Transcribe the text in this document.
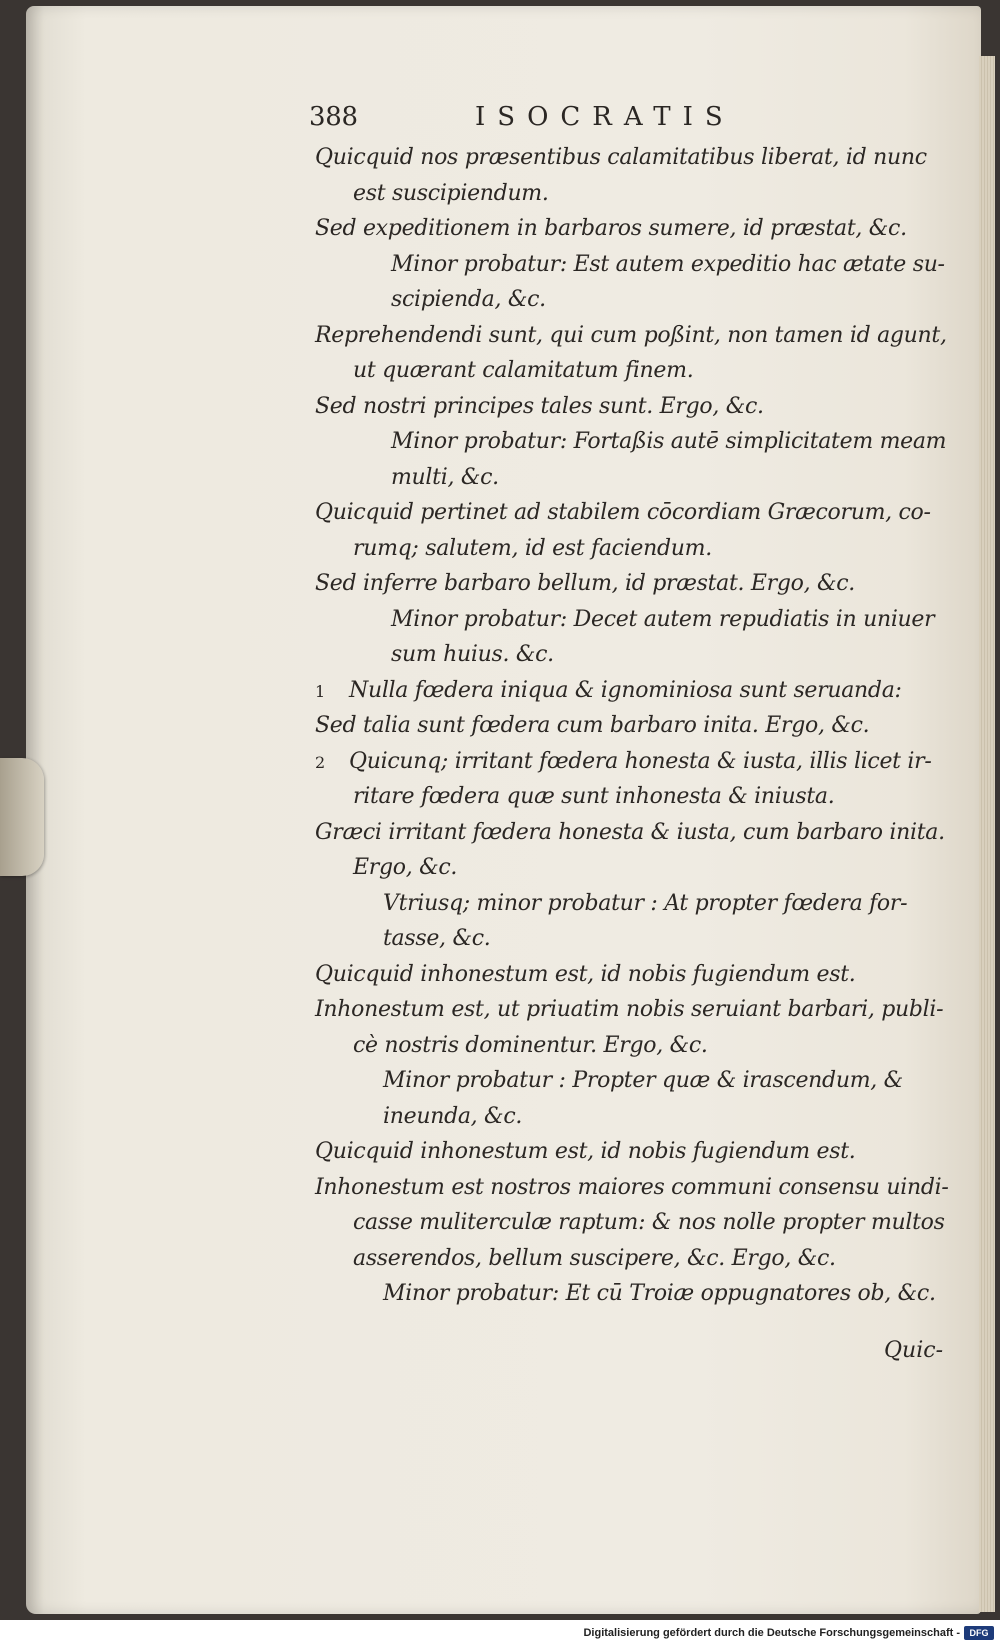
388	ISOCRATIS
Quicquid nos præsentibus calamitatibus liberat, id nunc
est suscipiendum.
Sed expeditionem in barbaros sumere, id præstat, &c.
Minor probatur: Est autem expeditio hac ætate su-
scipienda, &c.
Reprehendendi sunt, qui cum poßint, non tamen id agunt,
ut quærant calamitatum finem.
Sed nostri principes tales sunt. Ergo, &c.
Minor probatur: Fortaßis autē simplicitatem meam
multi, &c.
Quicquid pertinet ad stabilem cōcordiam Græcorum, co-
rumq; salutem, id est faciendum.
Sed inferre barbaro bellum, id præstat. Ergo, &c.
Minor probatur: Decet autem repudiatis in uniuer
sum huius. &c.
1 Nulla fœdera iniqua & ignominiosa sunt seruanda:
Sed talia sunt fœdera cum barbaro inita. Ergo, &c.
2 Quicunq; irritant fœdera honesta & iusta, illis licet ir-
ritare fœdera quæ sunt inhonesta & iniusta.
Græci irritant fœdera honesta & iusta, cum barbaro inita.
Ergo, &c.
Vtriusq; minor probatur : At propter fœdera for-
tasse, &c.
Quicquid inhonestum est, id nobis fugiendum est.
Inhonestum est, ut priuatim nobis seruiant barbari, publi-
cè nostris dominentur. Ergo, &c.
Minor probatur : Propter quæ & irascendum, &
ineunda, &c.
Quicquid inhonestum est, id nobis fugiendum est.
Inhonestum est nostros maiores communi consensu uindi-
casse muliterculæ raptum: & nos nolle propter multos
asserendos, bellum suscipere, &c. Ergo, &c.
Minor probatur: Et cū Troiæ oppugnatores ob, &c.
Quic-
Digitalisierung gefördert durch die Deutsche Forschungsgemeinschaft -	DFG
